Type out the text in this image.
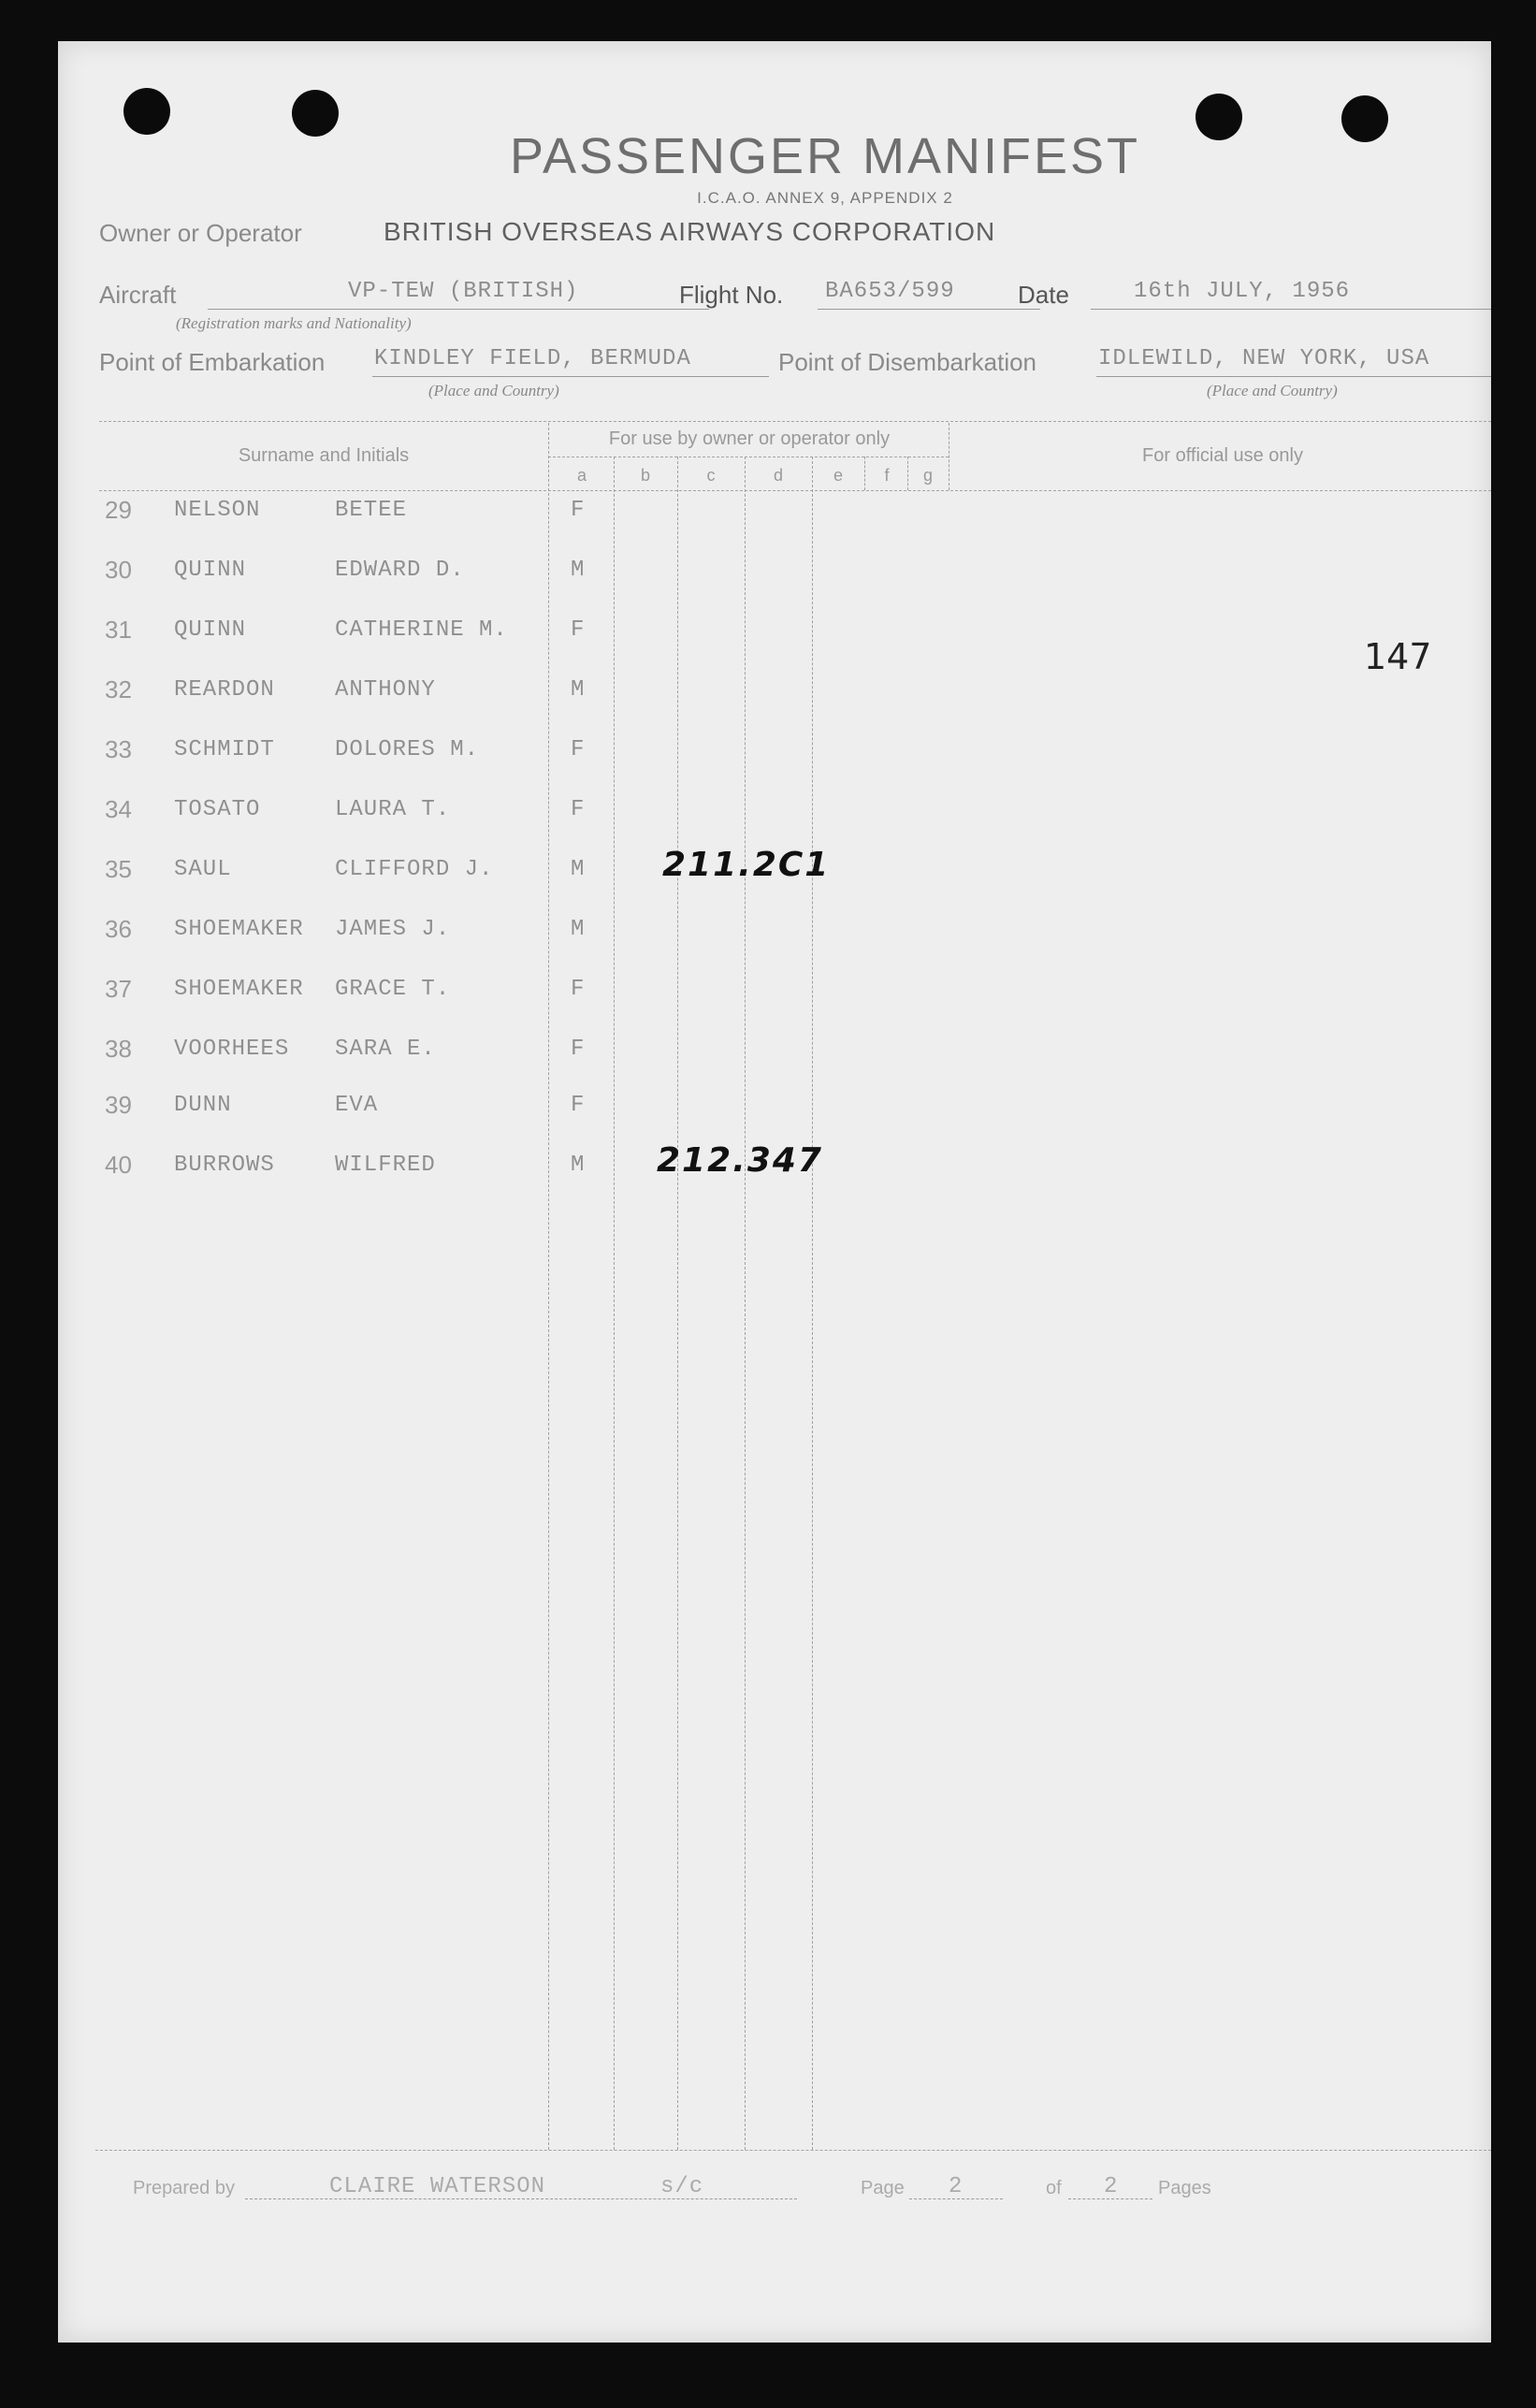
PASSENGER MANIFEST
I.C.A.O. ANNEX 9, APPENDIX 2
Owner or Operator	BRITISH OVERSEAS AIRWAYS CORPORATION
Aircraft	VP-TEW (BRITISH)
(Registration marks and Nationality)
Flight No. BA653/599	Date	16th JULY, 1956
Point of Embarkation KINDLEY FIELD, BERMUDA
(Place and Country)
Point of Disembarkation	IDLEWILD, NEW YORK, USA
(Place and Country)
Surname and Initials
For use by owner or operator only
For official use only
a	b	c	d	e	f	g
29 NELSON	BETEE	F
30 QUINN	EDWARD D.	M
31 QUINN	CATHERINE M.	F
32 REARDON	ANTHONY	M
33 SCHMIDT	DOLORES M.	F
34 TOSATO	LAURA T.	F
35 SAUL	CLIFFORD J.	M 211.2C1
36 SHOEMAKER JAMES J.	M
37 SHOEMAKER GRACE T.	F
38 VOORHEES SARA E.	F
39 DUNN	EVA	F
40 BURROWS	WILFRED	M 212.347
147
Prepared by	CLAIRE WATERSON	s/c	Page 2	of 2 Pages
